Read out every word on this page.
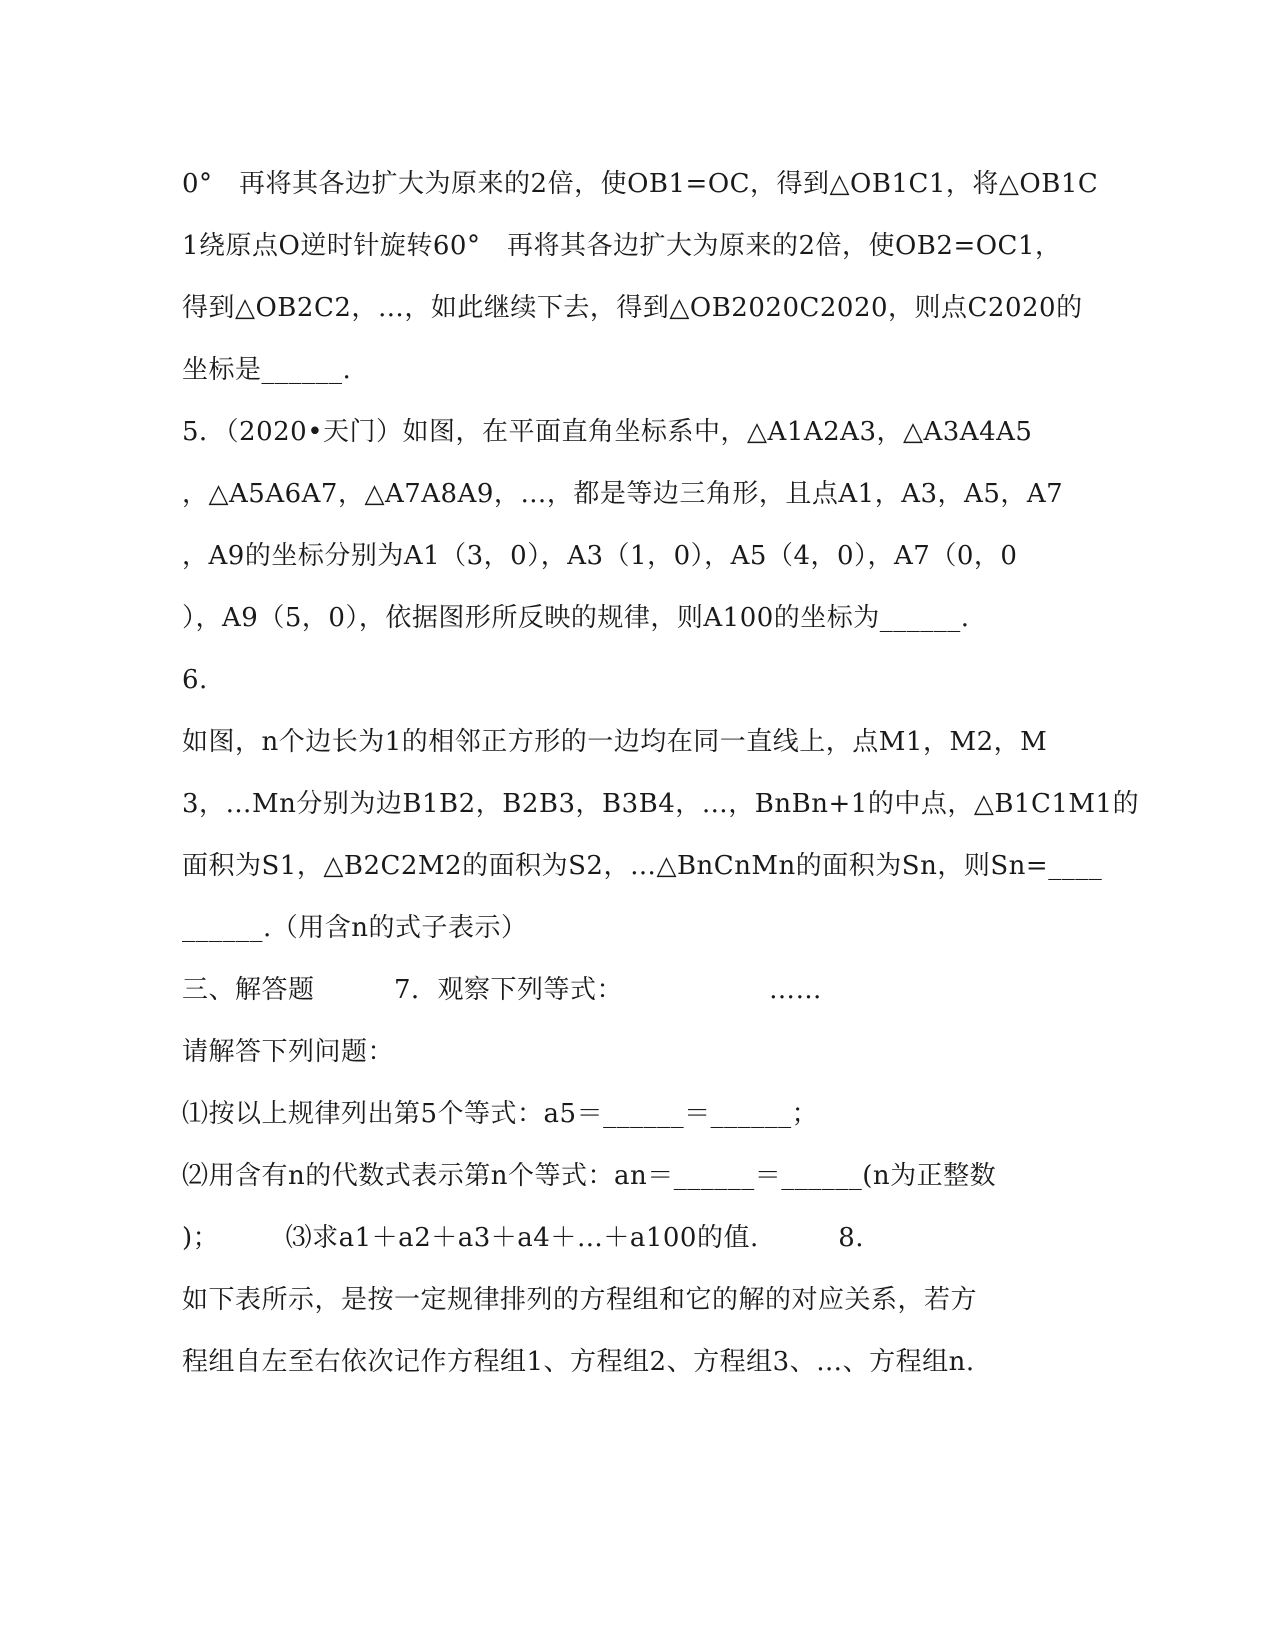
0°　再将其各边扩大为原来的2倍，使OB1=OC，得到△OB1C1，将△OB1C
1绕原点O逆时针旋转60°　再将其各边扩大为原来的2倍，使OB2=OC1，
得到△OB2C2，…，如此继续下去，得到△OB2020C2020，则点C2020的
坐标是______.
5．（2020•天门）如图，在平面直角坐标系中，△A1A2A3，△A3A4A5
，△A5A6A7，△A7A8A9，…，都是等边三角形，且点A1，A3，A5，A7
，A9的坐标分别为A1（3，0），A3（1，0），A5（4，0），A7（0，0
），A9（5，0），依据图形所反映的规律，则A100的坐标为______.
6.
如图，n个边长为1的相邻正方形的一边均在同一直线上，点M1，M2，M
3，…Mn分别为边B1B2，B2B3，B3B4，…，BnBn+1的中点，△B1C1M1的
面积为S1，△B2C2M2的面积为S2，…△BnCnMn的面积为Sn，则Sn=____
______.（用含n的式子表示）
三、解答题　　　7．观察下列等式：　　　　　　……
请解答下列问题：
⑴按以上规律列出第5个等式：a5＝______＝______；
⑵用含有n的代数式表示第n个等式：an＝______＝______(n为正整数
)；　　　⑶求a1＋a2＋a3＋a4＋…＋a100的值.　　　8.
如下表所示，是按一定规律排列的方程组和它的解的对应关系，若方
程组自左至右依次记作方程组1、方程组2、方程组3、…、方程组n.
